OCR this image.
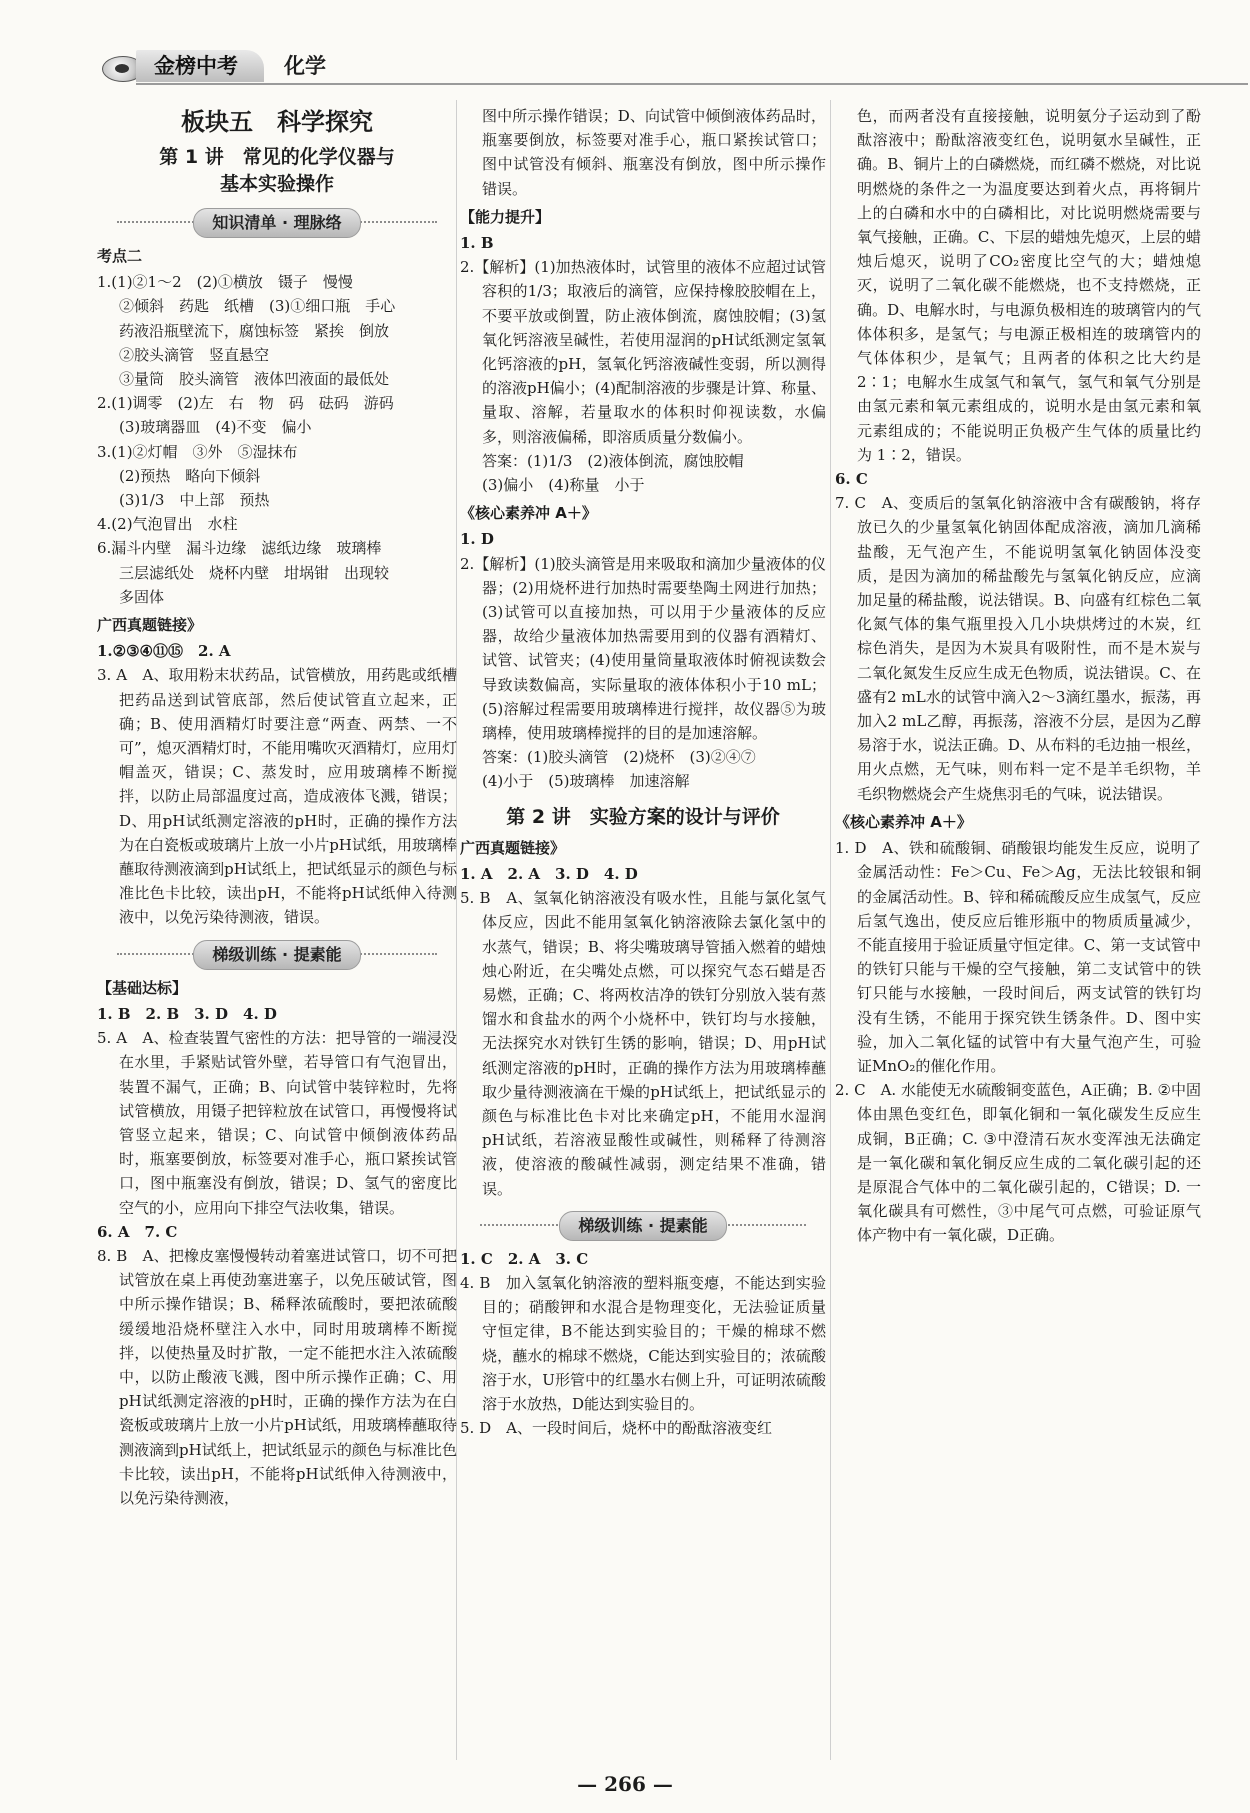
金榜中考	化学

板块五　科学探究

第 1 讲　常见的化学仪器与

基本实验操作

知识清单 · 理脉络

考点二

1.(1)②1～2　(2)①横放　镊子　慢慢

②倾斜　药匙　纸槽　(3)①细口瓶　手心

药液沿瓶壁流下，腐蚀标签　紧挨　倒放

②胶头滴管　竖直悬空

③量筒　胶头滴管　液体凹液面的最低处

2.(1)调零　(2)左　右　物　码　砝码　游码

(3)玻璃器皿　(4)不变　偏小

3.(1)②灯帽　③外　⑤湿抹布

(2)预热　略向下倾斜

(3)1/3　中上部　预热

4.(2)气泡冒出　水柱

6.漏斗内壁　漏斗边缘　滤纸边缘　玻璃棒

三层滤纸处　烧杯内壁　坩埚钳　出现较

多固体

广西真题链接》

1.②③④⑪⑮　2. A

3. A　A、取用粉末状药品，试管横放，用药匙或纸槽把药品送到试管底部，然后使试管直立起来，正确；B、使用酒精灯时要注意“两查、两禁、一不可”，熄灭酒精灯时，不能用嘴吹灭酒精灯，应用灯帽盖灭，错误；C、蒸发时，应用玻璃棒不断搅拌，以防止局部温度过高，造成液体飞溅，错误；D、用pH试纸测定溶液的pH时，正确的操作方法为在白瓷板或玻璃片上放一小片pH试纸，用玻璃棒蘸取待测液滴到pH试纸上，把试纸显示的颜色与标准比色卡比较，读出pH，不能将pH试纸伸入待测液中，以免污染待测液，错误。

梯级训练 · 提素能

【基础达标】

1. B　2. B　3. D　4. D

5. A　A、检查装置气密性的方法：把导管的一端浸没在水里，手紧贴试管外壁，若导管口有气泡冒出，装置不漏气，正确；B、向试管中装锌粒时，先将试管横放，用镊子把锌粒放在试管口，再慢慢将试管竖立起来，错误；C、向试管中倾倒液体药品时，瓶塞要倒放，标签要对准手心，瓶口紧挨试管口，图中瓶塞没有倒放，错误；D、氢气的密度比空气的小，应用向下排空气法收集，错误。

6. A　7. C

8. B　A、把橡皮塞慢慢转动着塞进试管口，切不可把试管放在桌上再使劲塞进塞子，以免压破试管，图中所示操作错误；B、稀释浓硫酸时，要把浓硫酸缓缓地沿烧杯壁注入水中，同时用玻璃棒不断搅拌，以使热量及时扩散，一定不能把水注入浓硫酸中，以防止酸液飞溅，图中所示操作正确；C、用pH试纸测定溶液的pH时，正确的操作方法为在白瓷板或玻璃片上放一小片pH试纸，用玻璃棒蘸取待测液滴到pH试纸上，把试纸显示的颜色与标准比色卡比较，读出pH，不能将pH试纸伸入待测液中，以免污染待测液，

图中所示操作错误；D、向试管中倾倒液体药品时，瓶塞要倒放，标签要对准手心，瓶口紧挨试管口；图中试管没有倾斜、瓶塞没有倒放，图中所示操作错误。

【能力提升】

1. B

2.【解析】(1)加热液体时，试管里的液体不应超过试管容积的1/3；取液后的滴管，应保持橡胶胶帽在上，不要平放或倒置，防止液体倒流，腐蚀胶帽；(3)氢氧化钙溶液呈碱性，若使用湿润的pH试纸测定氢氧化钙溶液的pH，氢氧化钙溶液碱性变弱，所以测得的溶液pH偏小；(4)配制溶液的步骤是计算、称量、量取、溶解，若量取水的体积时仰视读数，水偏多，则溶液偏稀，即溶质质量分数偏小。

答案：(1)1/3　(2)液体倒流，腐蚀胶帽

(3)偏小　(4)称量　小于

《核心素养冲 A＋》

1. D

2.【解析】(1)胶头滴管是用来吸取和滴加少量液体的仪器；(2)用烧杯进行加热时需要垫陶土网进行加热；(3)试管可以直接加热，可以用于少量液体的反应器，故给少量液体加热需要用到的仪器有酒精灯、试管、试管夹；(4)使用量筒量取液体时俯视读数会导致读数偏高，实际量取的液体体积小于10 mL；(5)溶解过程需要用玻璃棒进行搅拌，故仪器⑤为玻璃棒，使用玻璃棒搅拌的目的是加速溶解。

答案：(1)胶头滴管　(2)烧杯　(3)②④⑦

(4)小于　(5)玻璃棒　加速溶解

第 2 讲　实验方案的设计与评价

广西真题链接》

1. A　2. A　3. D　4. D

5. B　A、氢氧化钠溶液没有吸水性，且能与氯化氢气体反应，因此不能用氢氧化钠溶液除去氯化氢中的水蒸气，错误；B、将尖嘴玻璃导管插入燃着的蜡烛烛心附近，在尖嘴处点燃，可以探究气态石蜡是否易燃，正确；C、将两枚洁净的铁钉分别放入装有蒸馏水和食盐水的两个小烧杯中，铁钉均与水接触，无法探究水对铁钉生锈的影响，错误；D、用pH试纸测定溶液的pH时，正确的操作方法为用玻璃棒蘸取少量待测液滴在干燥的pH试纸上，把试纸显示的颜色与标准比色卡对比来确定pH，不能用水湿润pH试纸，若溶液显酸性或碱性，则稀释了待测溶液，使溶液的酸碱性减弱，测定结果不准确，错误。

梯级训练 · 提素能

1. C　2. A　3. C

4. B　加入氢氧化钠溶液的塑料瓶变瘪，不能达到实验目的；硝酸钾和水混合是物理变化，无法验证质量守恒定律，B不能达到实验目的；干燥的棉球不燃烧，蘸水的棉球不燃烧，C能达到实验目的；浓硫酸溶于水，U形管中的红墨水右侧上升，可证明浓硫酸溶于水放热，D能达到实验目的。

5. D　A、一段时间后，烧杯中的酚酞溶液变红

色，而两者没有直接接触，说明氨分子运动到了酚酞溶液中；酚酞溶液变红色，说明氨水呈碱性，正确。B、铜片上的白磷燃烧，而红磷不燃烧，对比说明燃烧的条件之一为温度要达到着火点，再将铜片上的白磷和水中的白磷相比，对比说明燃烧需要与氧气接触，正确。C、下层的蜡烛先熄灭，上层的蜡烛后熄灭，说明了CO₂密度比空气的大；蜡烛熄灭，说明了二氧化碳不能燃烧，也不支持燃烧，正确。D、电解水时，与电源负极相连的玻璃管内的气体体积多，是氢气；与电源正极相连的玻璃管内的气体体积少，是氧气；且两者的体积之比大约是 2∶1；电解水生成氢气和氧气，氢气和氧气分别是由氢元素和氧元素组成的，说明水是由氢元素和氧元素组成的；不能说明正负极产生气体的质量比约为 1∶2，错误。

6. C

7. C　A、变质后的氢氧化钠溶液中含有碳酸钠，将存放已久的少量氢氧化钠固体配成溶液，滴加几滴稀盐酸，无气泡产生，不能说明氢氧化钠固体没变质，是因为滴加的稀盐酸先与氢氧化钠反应，应滴加足量的稀盐酸，说法错误。B、向盛有红棕色二氧化氮气体的集气瓶里投入几小块烘烤过的木炭，红棕色消失，是因为木炭具有吸附性，而不是木炭与二氧化氮发生反应生成无色物质，说法错误。C、在盛有2 mL水的试管中滴入2～3滴红墨水，振荡，再加入2 mL乙醇，再振荡，溶液不分层，是因为乙醇易溶于水，说法正确。D、从布料的毛边抽一根丝，用火点燃，无气味，则布料一定不是羊毛织物，羊毛织物燃烧会产生烧焦羽毛的气味，说法错误。

《核心素养冲 A＋》

1. D　A、铁和硫酸铜、硝酸银均能发生反应，说明了金属活动性：Fe＞Cu、Fe＞Ag，无法比较银和铜的金属活动性。B、锌和稀硫酸反应生成氢气，反应后氢气逸出，使反应后锥形瓶中的物质质量减少，不能直接用于验证质量守恒定律。C、第一支试管中的铁钉只能与干燥的空气接触，第二支试管中的铁钉只能与水接触，一段时间后，两支试管的铁钉均没有生锈，不能用于探究铁生锈条件。D、图中实验，加入二氧化锰的试管中有大量气泡产生，可验证MnO₂的催化作用。

2. C　A. 水能使无水硫酸铜变蓝色，A正确；B. ②中固体由黑色变红色，即氧化铜和一氧化碳发生反应生成铜，B正确；C. ③中澄清石灰水变浑浊无法确定是一氧化碳和氧化铜反应生成的二氧化碳引起的还是原混合气体中的二氧化碳引起的，C错误；D. 一氧化碳具有可燃性，③中尾气可点燃，可验证原气体产物中有一氧化碳，D正确。

— 266 —
